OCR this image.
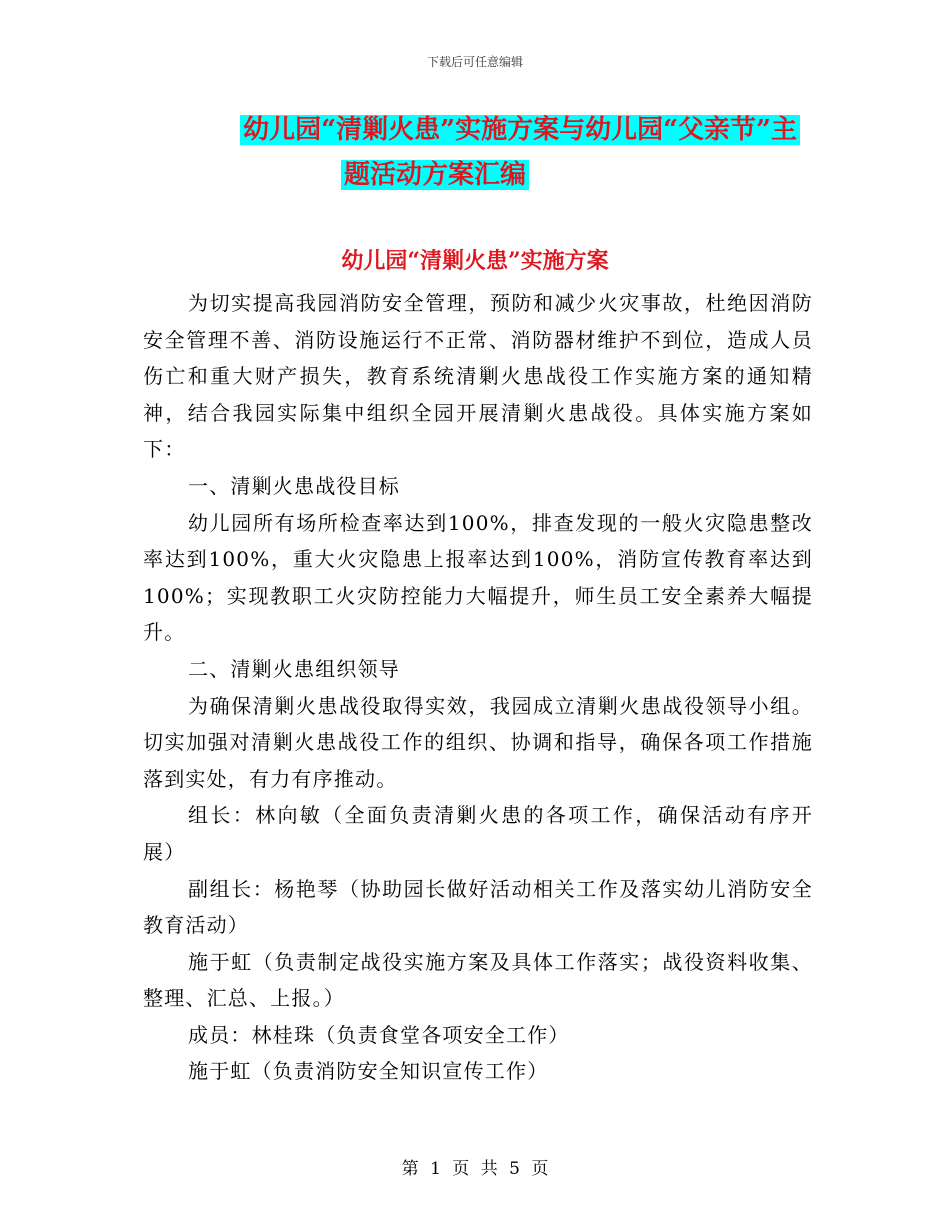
下载后可任意编辑
幼儿园“清剿火患”实施方案与幼儿园“父亲节”主
题活动方案汇编
幼儿园“清剿火患”实施方案

为切实提高我园消防安全管理，预防和减少火灾事故，杜绝因消防安全管理不善、消防设施运行不正常、消防器材维护不到位，造成人员伤亡和重大财产损失，教育系统清剿火患战役工作实施方案的通知精神，结合我园实际集中组织全园开展清剿火患战役。具体实施方案如下：

一、清剿火患战役目标

幼儿园所有场所检查率达到100%，排查发现的一般火灾隐患整改率达到100%，重大火灾隐患上报率达到100%，消防宣传教育率达到100%；实现教职工火灾防控能力大幅提升，师生员工安全素养大幅提升。

二、清剿火患组织领导

为确保清剿火患战役取得实效，我园成立清剿火患战役领导小组。切实加强对清剿火患战役工作的组织、协调和指导，确保各项工作措施落到实处，有力有序推动。

组长：林向敏（全面负责清剿火患的各项工作，确保活动有序开展）

副组长：杨艳琴（协助园长做好活动相关工作及落实幼儿消防安全教育活动）

施于虹（负责制定战役实施方案及具体工作落实；战役资料收集、整理、汇总、上报。）

成员：林桂珠（负责食堂各项安全工作）

施于虹（负责消防安全知识宣传工作）

第 1 页 共 5 页
